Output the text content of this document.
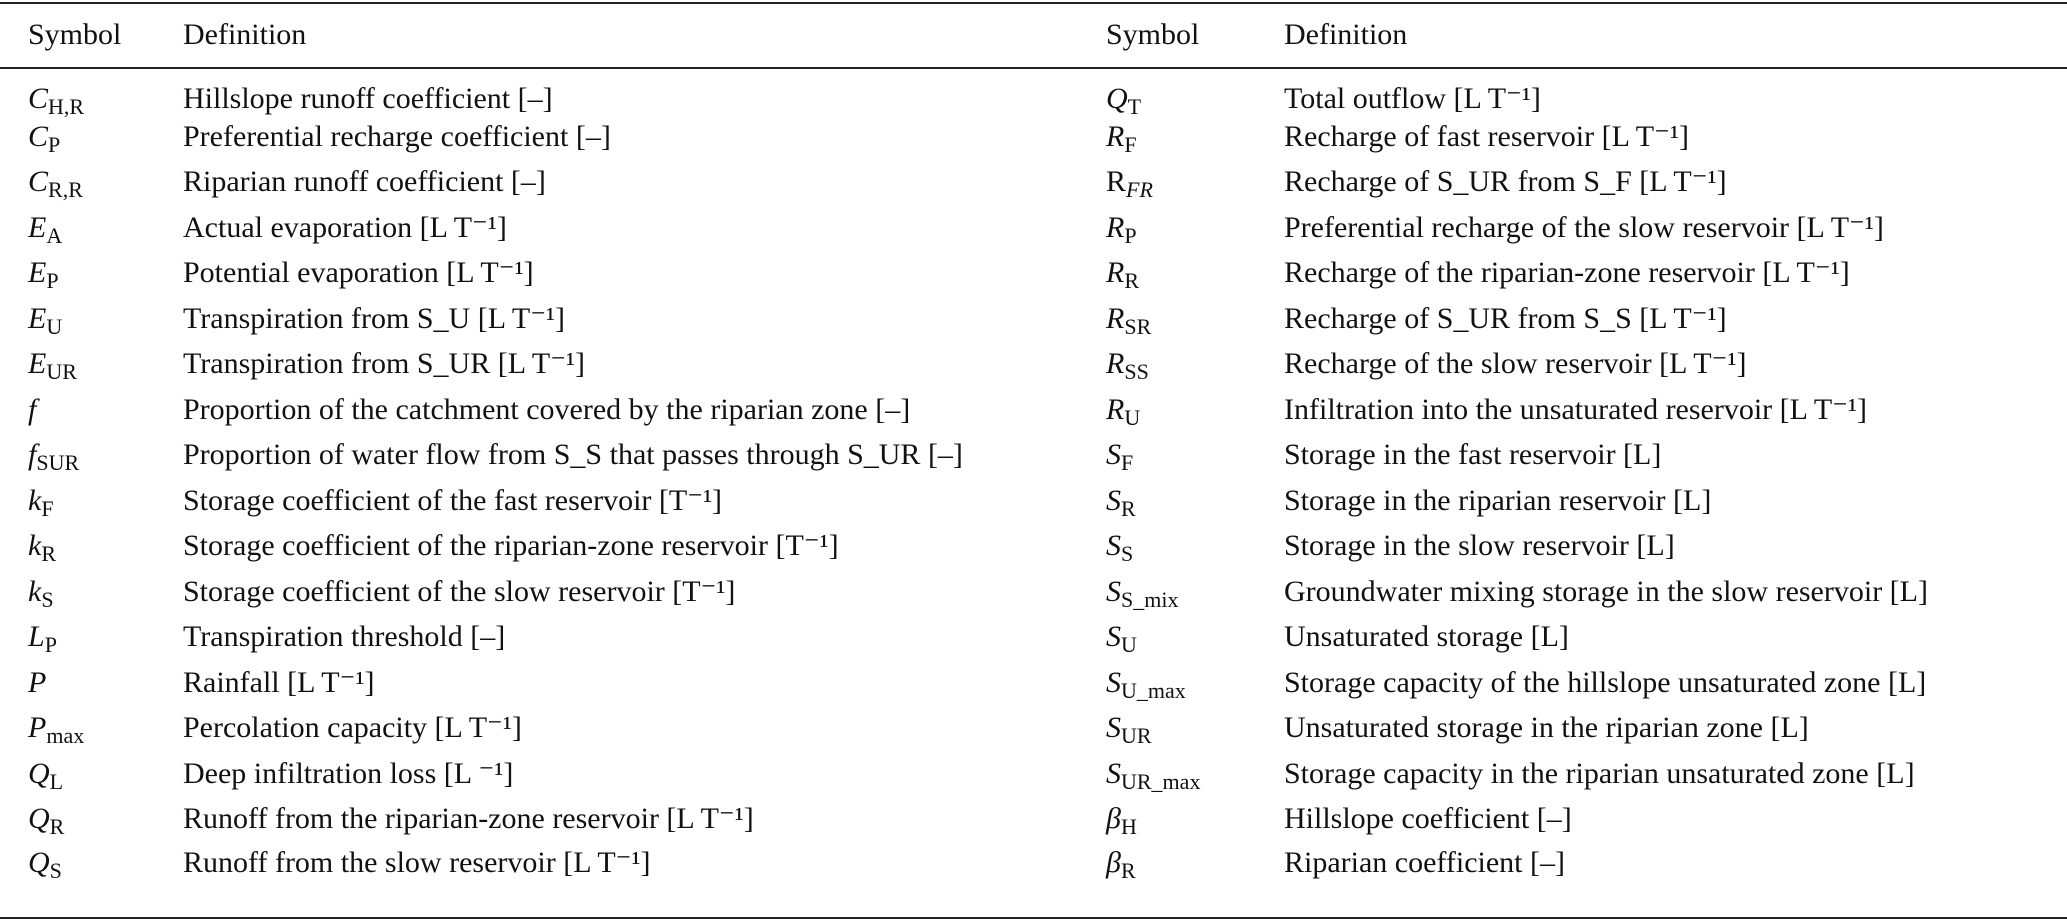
Symbol	Definition	Symbol	Definition
$C_{H,R}$	Hillslope runoff coefficient [–]	$Q_T$	Total outflow [L T⁻¹]
$C_P$	Preferential recharge coefficient [–]	$R_F$	Recharge of fast reservoir [L T⁻¹]
$C_{R,R}$	Riparian runoff coefficient [–]	$R_{FR}$	Recharge of S_UR from S_F [L T⁻¹]
$E_A$	Actual evaporation [L T⁻¹]	$R_P$	Preferential recharge of the slow reservoir [L T⁻¹]
$E_P$	Potential evaporation [L T⁻¹]	$R_R$	Recharge of the riparian-zone reservoir [L T⁻¹]
$E_U$	Transpiration from S_U [L T⁻¹]	$R_{SR}$	Recharge of S_UR from S_S [L T⁻¹]
$E_{UR}$	Transpiration from S_UR [L T⁻¹]	$R_{SS}$	Recharge of the slow reservoir [L T⁻¹]
f	Proportion of the catchment covered by the riparian zone [–]	$R_U$	Infiltration into the unsaturated reservoir [L T⁻¹]
$f_{SUR}$	Proportion of water flow from S_S that passes through S_UR [–]	$S_F$	Storage in the fast reservoir [L]
$k_F$	Storage coefficient of the fast reservoir [T⁻¹]	$S_R$	Storage in the riparian reservoir [L]
$k_R$	Storage coefficient of the riparian-zone reservoir [T⁻¹]	$S_S$	Storage in the slow reservoir [L]
$k_S$	Storage coefficient of the slow reservoir [T⁻¹]	$S_{S\_mix}$	Groundwater mixing storage in the slow reservoir [L]
$L_P$	Transpiration threshold [–]	$S_U$	Unsaturated storage [L]
P	Rainfall [L T⁻¹]	$S_{U\_max}$	Storage capacity of the hillslope unsaturated zone [L]
$P_{max}$	Percolation capacity [L T⁻¹]	$S_{UR}$	Unsaturated storage in the riparian zone [L]
$Q_L$	Deep infiltration loss [L ⁻¹]	$S_{UR\_max}$	Storage capacity in the riparian unsaturated zone [L]
$Q_R$	Runoff from the riparian-zone reservoir [L T⁻¹]	$\beta_H$	Hillslope coefficient [–]
$Q_S$	Runoff from the slow reservoir [L T⁻¹]	$\beta_R$	Riparian coefficient [–]
